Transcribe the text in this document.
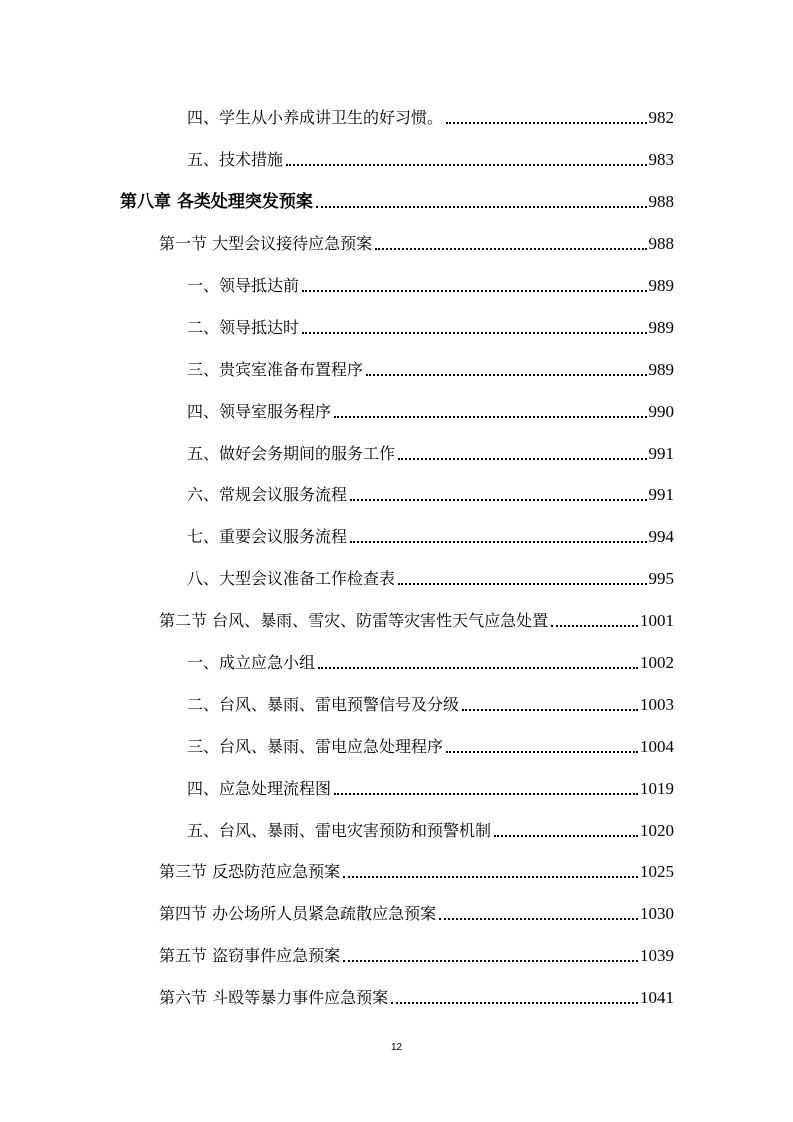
四、学生从小养成讲卫生的好习惯。	982
五、技术措施	983
第八章 各类处理突发预案	988
第一节 大型会议接待应急预案	988
一、领导抵达前	989
二、领导抵达时	989
三、贵宾室准备布置程序	989
四、领导室服务程序	990
五、做好会务期间的服务工作	991
六、常规会议服务流程	991
七、重要会议服务流程	994
八、大型会议准备工作检查表	995
第二节 台风、暴雨、雪灾、防雷等灾害性天气应急处置	1001
一、成立应急小组	1002
二、台风、暴雨、雷电预警信号及分级	1003
三、台风、暴雨、雷电应急处理程序	1004
四、应急处理流程图	1019
五、台风、暴雨、雷电灾害预防和预警机制	1020
第三节 反恐防范应急预案	1025
第四节 办公场所人员紧急疏散应急预案	1030
第五节 盗窃事件应急预案	1039
第六节 斗殴等暴力事件应急预案	1041
12
